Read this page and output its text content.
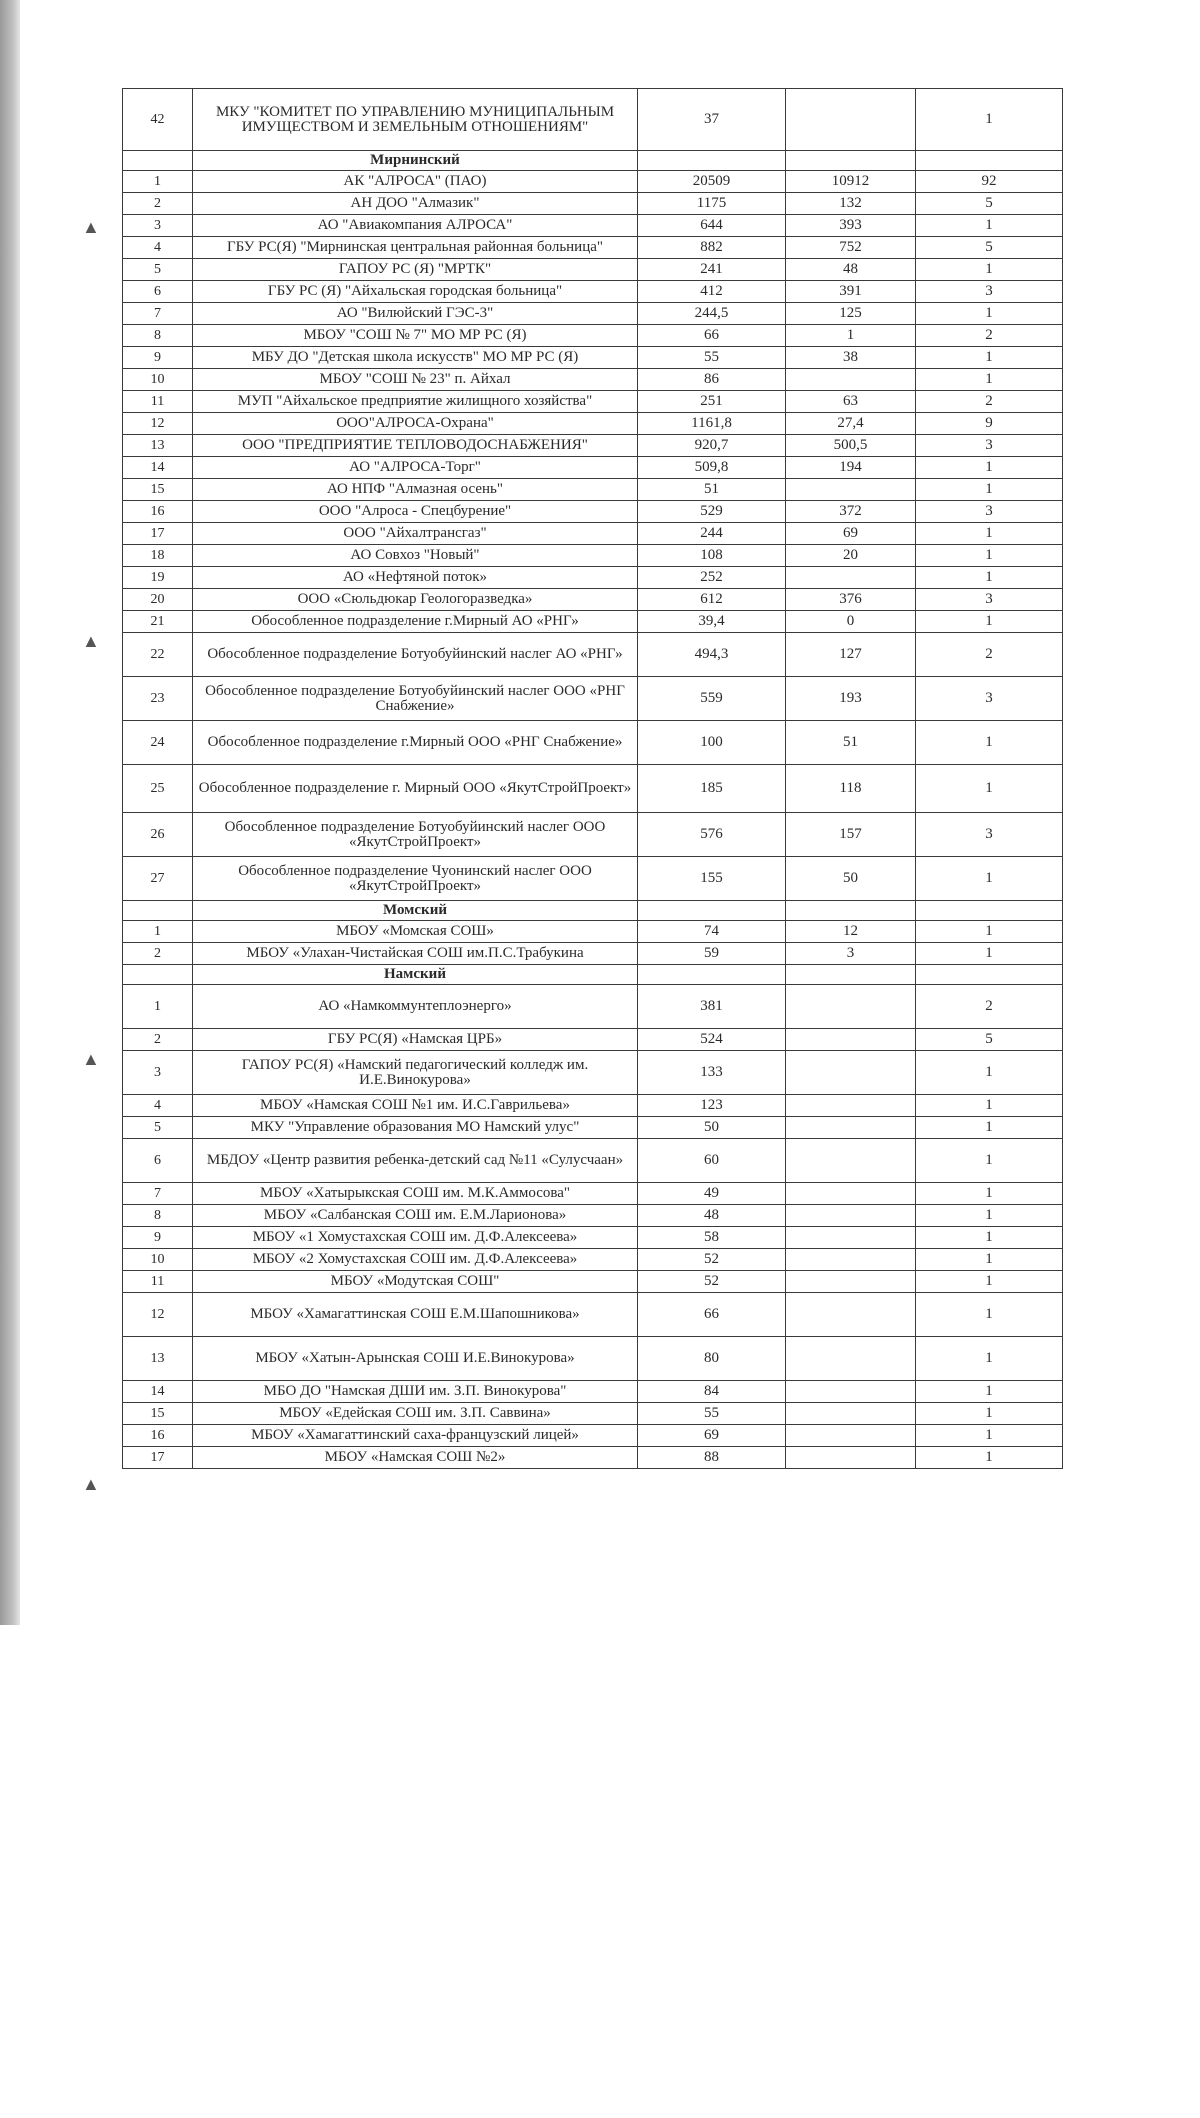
▲
▲
▲
▲
42	МКУ "КОМИТЕТ ПО УПРАВЛЕНИЮ МУНИЦИПАЛЬНЫМ ИМУЩЕСТВОМ И ЗЕМЕЛЬНЫМ ОТНОШЕНИЯМ"	37		1
	Мирнинский			
1	АК "АЛРОСА" (ПАО)	20509	10912	92
2	АН ДОО "Алмазик"	1175	132	5
3	АО "Авиакомпания АЛРОСА"	644	393	1
4	ГБУ РС(Я) "Мирнинская центральная районная больница"	882	752	5
5	ГАПОУ РС (Я) "МРТК"	241	48	1
6	ГБУ РС (Я) "Айхальская городская больница"	412	391	3
7	АО "Вилюйский ГЭС-3"	244,5	125	1
8	МБОУ "СОШ № 7" МО МР РС (Я)	66	1	2
9	МБУ ДО "Детская школа искусств" МО МР РС (Я)	55	38	1
10	МБОУ "СОШ № 23" п. Айхал	86		1
11	МУП "Айхальское предприятие жилищного хозяйства"	251	63	2
12	ООО"АЛРОСА-Охрана"	1161,8	27,4	9
13	ООО "ПРЕДПРИЯТИЕ ТЕПЛОВОДОСНАБЖЕНИЯ"	920,7	500,5	3
14	АО "АЛРОСА-Торг"	509,8	194	1
15	АО НПФ "Алмазная осень"	51		1
16	ООО "Алроса - Спецбурение"	529	372	3
17	ООО "Айхалтрансгаз"	244	69	1
18	АО Совхоз "Новый"	108	20	1
19	АО «Нефтяной поток»	252		1
20	ООО «Сюльдюкар Геологоразведка»	612	376	3
21	Обособленное подразделение г.Мирный АО «РНГ»	39,4	0	1
22	Обособленное подразделение Ботуобуйинский наслег АО «РНГ»	494,3	127	2
23	Обособленное подразделение Ботуобуйинский наслег ООО «РНГ Снабжение»	559	193	3
24	Обособленное подразделение г.Мирный ООО «РНГ Снабжение»	100	51	1
25	Обособленное подразделение г. Мирный ООО «ЯкутСтройПроект»	185	118	1
26	Обособленное подразделение Ботуобуйинский наслег ООО «ЯкутСтройПроект»	576	157	3
27	Обособленное подразделение Чуонинский наслег ООО «ЯкутСтройПроект»	155	50	1
	Момский			
1	МБОУ «Момская СОШ»	74	12	1
2	МБОУ «Улахан-Чистайская СОШ им.П.С.Трабукина	59	3	1
	Намский			
1	АО «Намкоммунтеплоэнерго»	381		2
2	ГБУ РС(Я) «Намская ЦРБ»	524		5
3	ГАПОУ РС(Я) «Намский педагогический колледж им. И.Е.Винокурова»	133		1
4	МБОУ «Намская СОШ №1 им. И.С.Гаврильева»	123		1
5	МКУ "Управление образования МО Намский улус"	50		1
6	МБДОУ «Центр развития ребенка-детский сад №11 «Сулусчаан»	60		1
7	МБОУ «Хатырыкская СОШ им. М.К.Аммосова"	49		1
8	МБОУ «Салбанская СОШ им. Е.М.Ларионова»	48		1
9	МБОУ «1 Хомустахская СОШ им. Д.Ф.Алексеева»	58		1
10	МБОУ «2 Хомустахская СОШ им. Д.Ф.Алексеева»	52		1
11	МБОУ «Модутская СОШ"	52		1
12	МБОУ «Хамагаттинская СОШ Е.М.Шапошникова»	66		1
13	МБОУ «Хатын-Арынская СОШ И.Е.Винокурова»	80		1
14	МБО ДО "Намская ДШИ им. З.П. Винокурова"	84		1
15	МБОУ «Едейская СОШ им. З.П. Саввина»	55		1
16	МБОУ «Хамагаттинский саха-французский лицей»	69		1
17	МБОУ «Намская СОШ №2»	88		1
